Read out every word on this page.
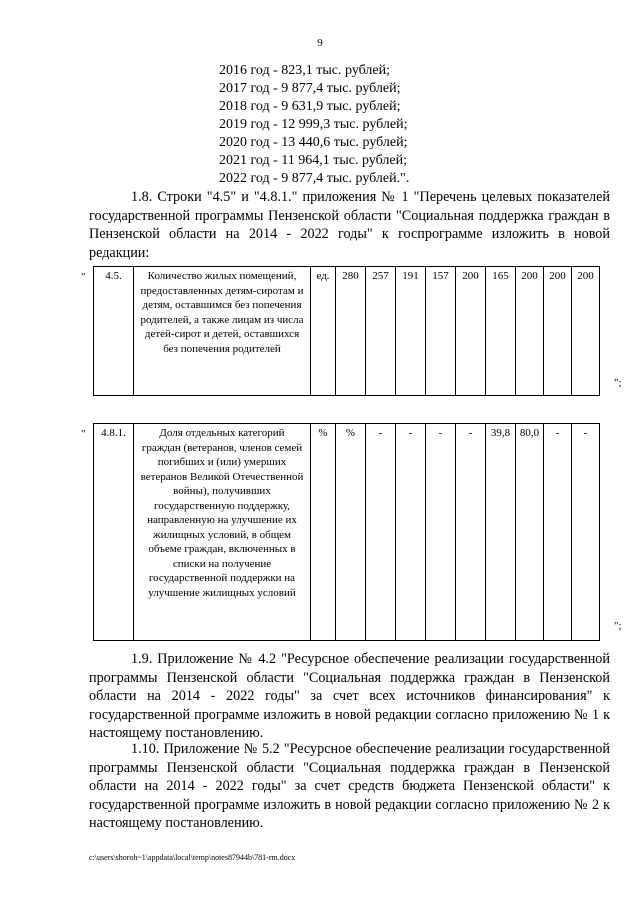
9
2016 год - 823,1 тыс. рублей;
2017 год - 9 877,4 тыс. рублей;
2018 год - 9 631,9 тыс. рублей;
2019 год - 12 999,3 тыс. рублей;
2020 год - 13 440,6 тыс. рублей;
2021 год - 11 964,1 тыс. рублей;
2022 год - 9 877,4 тыс. рублей.".

1.8. Строки "4.5" и "4.8.1." приложения № 1 "Перечень целевых показателей государственной программы Пензенской области "Социальная поддержка граждан в Пензенской области на 2014 - 2022 годы" к госпрограмме изложить в новой редакции:

" 4.5.	Количество жилых помещений, предоставленных детям-сиротам и детям, оставшимся без попечения родителей, а также лицам из числа детей-сирот и детей, оставшихся без попечения родителей	ед.	280	257	191	157	200	165	200	200	200
";
" 4.8.1.	Доля отдельных категорий граждан (ветеранов, членов семей погибших и (или) умерших ветеранов Великой Отечественной войны), получивших государственную поддержку, направленную на улучшение их жилищных условий, в общем объеме граждан, включенных в списки на получение государственной поддержки на улучшение жилищных условий	%	%	-	-	-	-	39,8	80,0	-	-
";

1.9. Приложение № 4.2 "Ресурсное обеспечение реализации государственной программы Пензенской области "Социальная поддержка граждан в Пензенской области на 2014 - 2022 годы" за счет всех источников финансирования" к государственной программе изложить в новой редакции согласно приложению № 1 к настоящему постановлению.

1.10. Приложение № 5.2 "Ресурсное обеспечение реализации государственной программы Пензенской области "Социальная поддержка граждан в Пензенской области на 2014 - 2022 годы" за счет средств бюджета Пензенской области" к государственной программе изложить в новой редакции согласно приложению № 2 к настоящему постановлению.

c:\users\shoroh~1\appdata\local\temp\notes87944b\781-rm.docx
